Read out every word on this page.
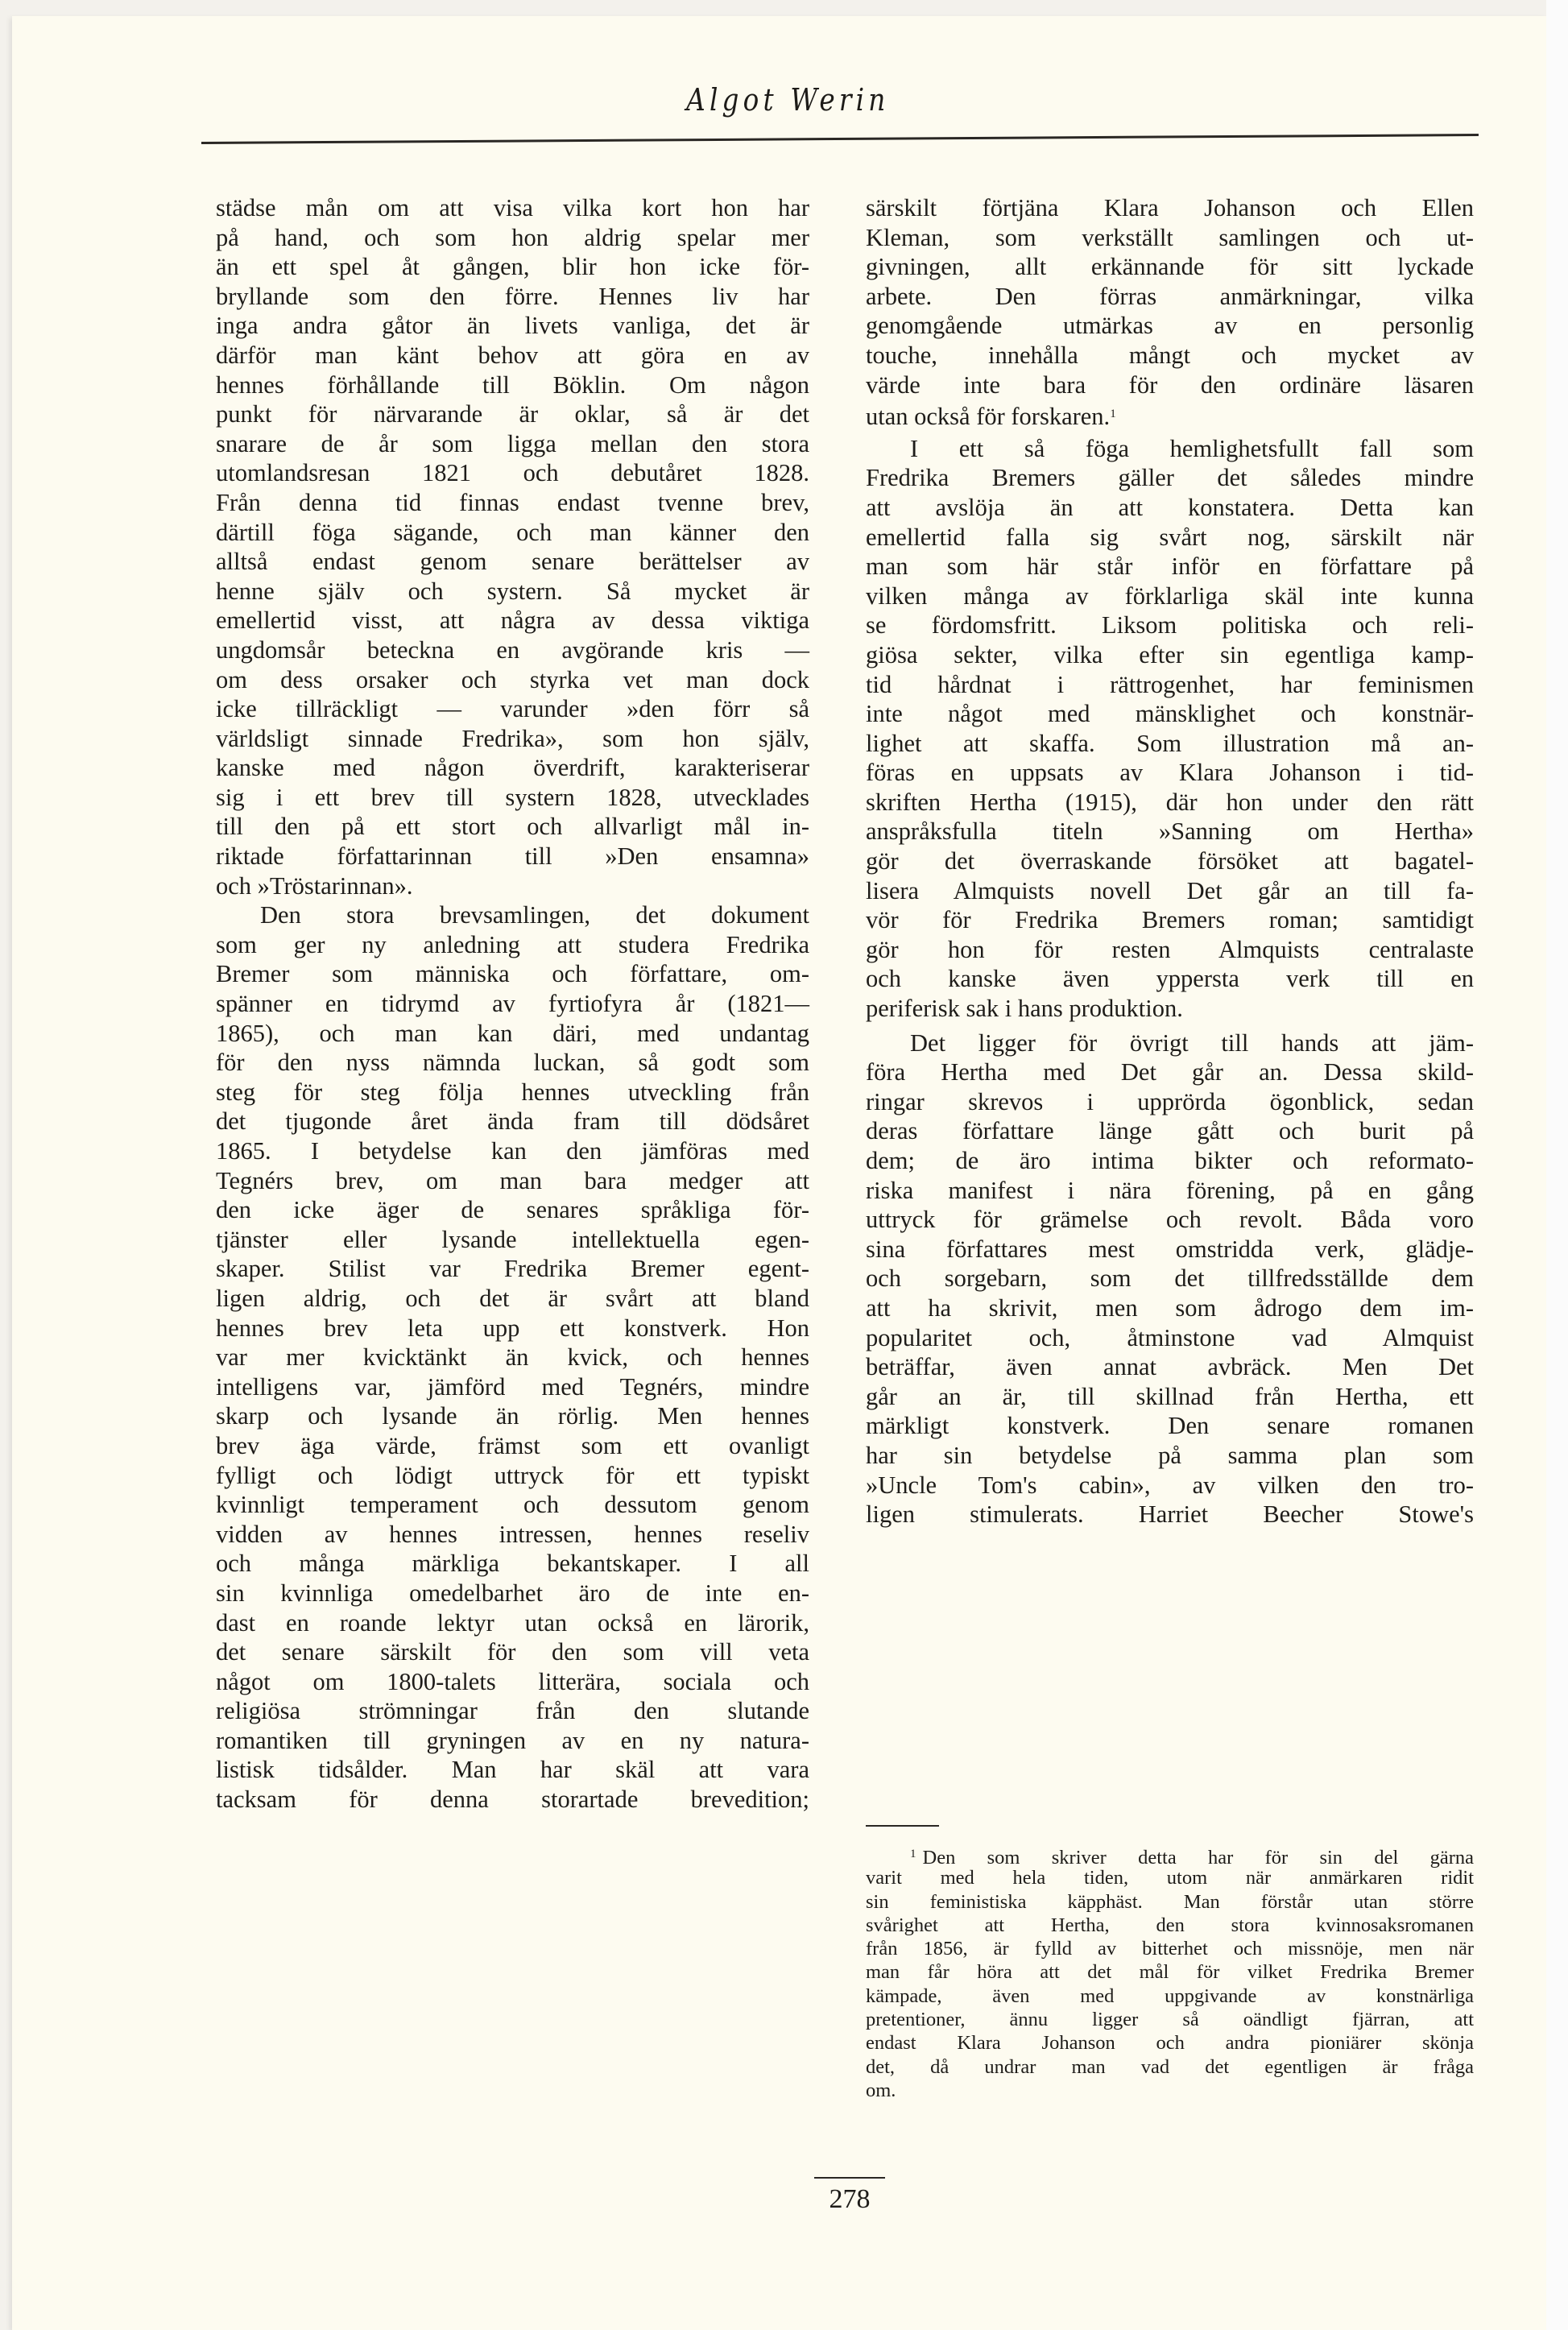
Algot Werin
städse mån om att visa vilka kort hon har
på hand, och som hon aldrig spelar mer
än ett spel åt gången, blir hon icke för-
bryllande som den förre. Hennes liv har
inga andra gåtor än livets vanliga, det är
därför man känt behov att göra en av
hennes förhållande till Böklin. Om någon
punkt för närvarande är oklar, så är det
snarare de år som ligga mellan den stora
utomlandsresan 1821 och debutåret 1828.
Från denna tid finnas endast tvenne brev,
därtill föga sägande, och man känner den
alltså endast genom senare berättelser av
henne själv och systern. Så mycket är
emellertid visst, att några av dessa viktiga
ungdomsår beteckna en avgörande kris —
om dess orsaker och styrka vet man dock
icke tillräckligt — varunder »den förr så
världsligt sinnade Fredrika», som hon själv,
kanske med någon överdrift, karakteriserar
sig i ett brev till systern 1828, utvecklades
till den på ett stort och allvarligt mål in-
riktade författarinnan till »Den ensamna»
och »Tröstarinnan».
Den stora brevsamlingen, det dokument
som ger ny anledning att studera Fredrika
Bremer som människa och författare, om-
spänner en tidrymd av fyrtiofyra år (1821—
1865), och man kan däri, med undantag
för den nyss nämnda luckan, så godt som
steg för steg följa hennes utveckling från
det tjugonde året ända fram till dödsåret
1865. I betydelse kan den jämföras med
Tegnérs brev, om man bara medger att
den icke äger de senares språkliga för-
tjänster eller lysande intellektuella egen-
skaper. Stilist var Fredrika Bremer egent-
ligen aldrig, och det är svårt att bland
hennes brev leta upp ett konstverk. Hon
var mer kvicktänkt än kvick, och hennes
intelligens var, jämförd med Tegnérs, mindre
skarp och lysande än rörlig. Men hennes
brev äga värde, främst som ett ovanligt
fylligt och lödigt uttryck för ett typiskt
kvinnligt temperament och dessutom genom
vidden av hennes intressen, hennes reseliv
och många märkliga bekantskaper. I all
sin kvinnliga omedelbarhet äro de inte en-
dast en roande lektyr utan också en lärorik,
det senare särskilt för den som vill veta
något om 1800-talets litterära, sociala och
religiösa strömningar från den slutande
romantiken till gryningen av en ny natura-
listisk tidsålder. Man har skäl att vara
tacksam för denna storartade brevedition;
särskilt förtjäna Klara Johanson och Ellen
Kleman, som verkställt samlingen och ut-
givningen, allt erkännande för sitt lyckade
arbete. Den förras anmärkningar, vilka
genomgående utmärkas av en personlig
touche, innehålla mångt och mycket av
värde inte bara för den ordinäre läsaren
utan också för forskaren.$^1$
I ett så föga hemlighetsfullt fall som
Fredrika Bremers gäller det således mindre
att avslöja än att konstatera. Detta kan
emellertid falla sig svårt nog, särskilt när
man som här står inför en författare på
vilken många av förklarliga skäl inte kunna
se fördomsfritt. Liksom politiska och reli-
giösa sekter, vilka efter sin egentliga kamp-
tid hårdnat i rättrogenhet, har feminismen
inte något med mänsklighet och konstnär-
lighet att skaffa. Som illustration må an-
föras en uppsats av Klara Johanson i tid-
skriften Hertha (1915), där hon under den rätt
anspråksfulla titeln »Sanning om Hertha»
gör det överraskande försöket att bagatel-
lisera Almquists novell Det går an till fa-
vör för Fredrika Bremers roman; samtidigt
gör hon för resten Almquists centralaste
och kanske även yppersta verk till en
periferisk sak i hans produktion.
Det ligger för övrigt till hands att jäm-
föra Hertha med Det går an. Dessa skild-
ringar skrevos i upprörda ögonblick, sedan
deras författare länge gått och burit på
dem; de äro intima bikter och reformato-
riska manifest i nära förening, på en gång
uttryck för grämelse och revolt. Båda voro
sina författares mest omstridda verk, glädje-
och sorgebarn, som det tillfredsställde dem
att ha skrivit, men som ådrogo dem im-
popularitet och, åtminstone vad Almquist
beträffar, även annat avbräck. Men Det
går an är, till skillnad från Hertha, ett
märkligt konstverk. Den senare romanen
har sin betydelse på samma plan som
»Uncle Tom's cabin», av vilken den tro-
ligen stimulerats. Harriet Beecher Stowe's
$^1$ Den som skriver detta har för sin del gärna
varit med hela tiden, utom när anmärkaren ridit
sin feministiska käpphäst. Man förstår utan större
svårighet att Hertha, den stora kvinnosaksromanen
från 1856, är fylld av bitterhet och missnöje, men när
man får höra att det mål för vilket Fredrika Bremer
kämpade, även med uppgivande av konstnärliga
pretentioner, ännu ligger så oändligt fjärran, att
endast Klara Johanson och andra pioniärer skönja
det, då undrar man vad det egentligen är fråga
om.
278
